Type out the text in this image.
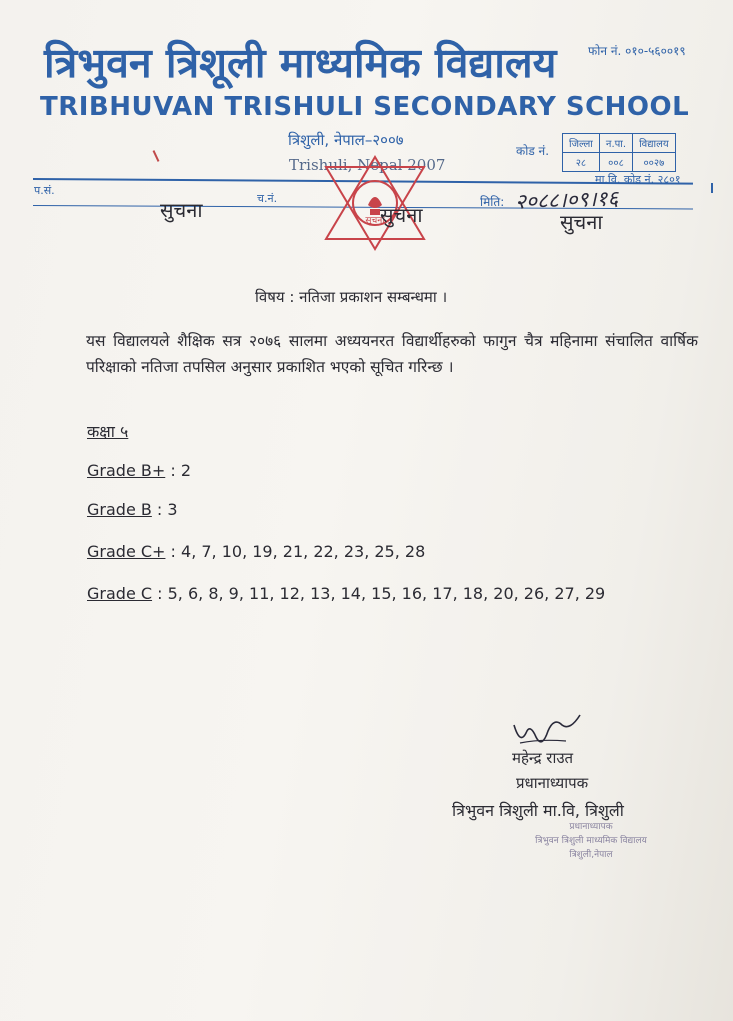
त्रिभुवन त्रिशूली माध्यमिक विद्यालय	फोन नं. ०१०-५६००१९
TRIBHUVAN TRISHULI SECONDARY SCHOOL
त्रिशुली, नेपाल–२००७
Trishuli, Nepal 2007
कोड नं. जिल्ला	न.पा.	विद्यालय
२८	००८	००२७
मा.वि. कोड नं. २८०१
प.सं.
च.नं.	मिति: २०८८।०९।१६
सूचना
सुचना	सुचना	सुचना
विषय : नतिजा प्रकाशन सम्बन्धमा ।
यस विद्यालयले शैक्षिक सत्र २०७६ सालमा अध्ययनरत विद्यार्थीहरुको फागुन चैत्र महिनामा संचालित वार्षिक परिक्षाको नतिजा तपसिल अनुसार प्रकाशित भएको सूचित गरिन्छ ।
कक्षा ५
Grade B+ : 2
Grade B : 3
Grade C+ : 4, 7, 10, 19, 21, 22, 23, 25, 28
Grade C : 5, 6, 8, 9, 11, 12, 13, 14, 15, 16, 17, 18, 20, 26, 27, 29
महेन्द्र राउत
प्रधानाध्यापक
त्रिभुवन त्रिशुली मा.वि, त्रिशुली
प्रधानाध्यापक
त्रिभुवन त्रिशुली माध्यमिक विद्यालय
त्रिशुली,नेपाल
